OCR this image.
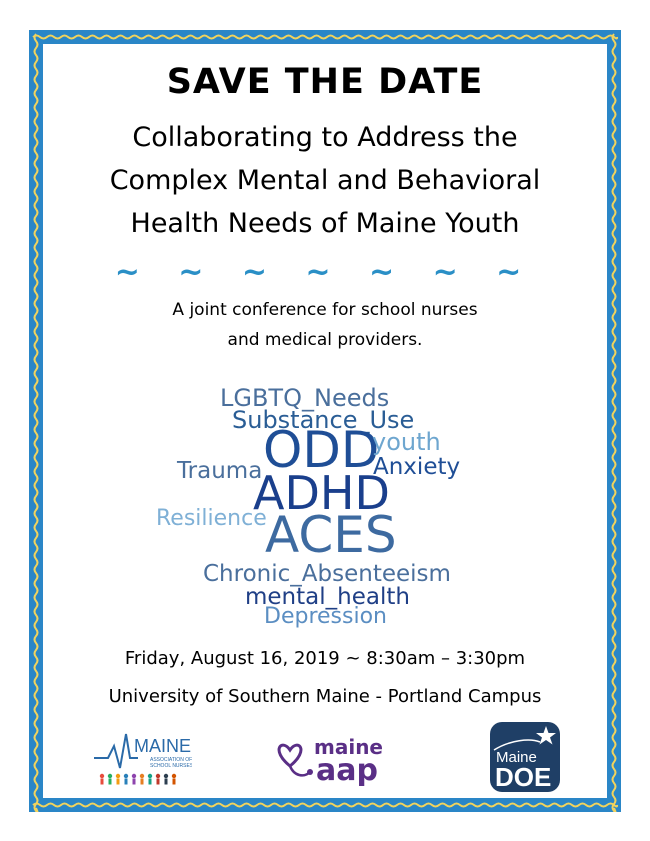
SAVE THE DATE
Collaborating to Address the
Complex Mental and Behavioral
Health Needs of Maine Youth
~ ~ ~ ~ ~ ~ ~
A joint conference for school nurses
and medical providers.
LGBTQ_Needs
Substance_Use
ODD
youth
Trauma	Anxiety
ADHD
Resilience
ACES
Chronic_Absenteeism
mental_health
Depression
Friday, August 16, 2019 ~ 8:30am – 3:30pm
University of Southern Maine - Portland Campus
MAINE
ASSOCIATION OF
SCHOOL NURSES
maine
aap	Maine
DOE
